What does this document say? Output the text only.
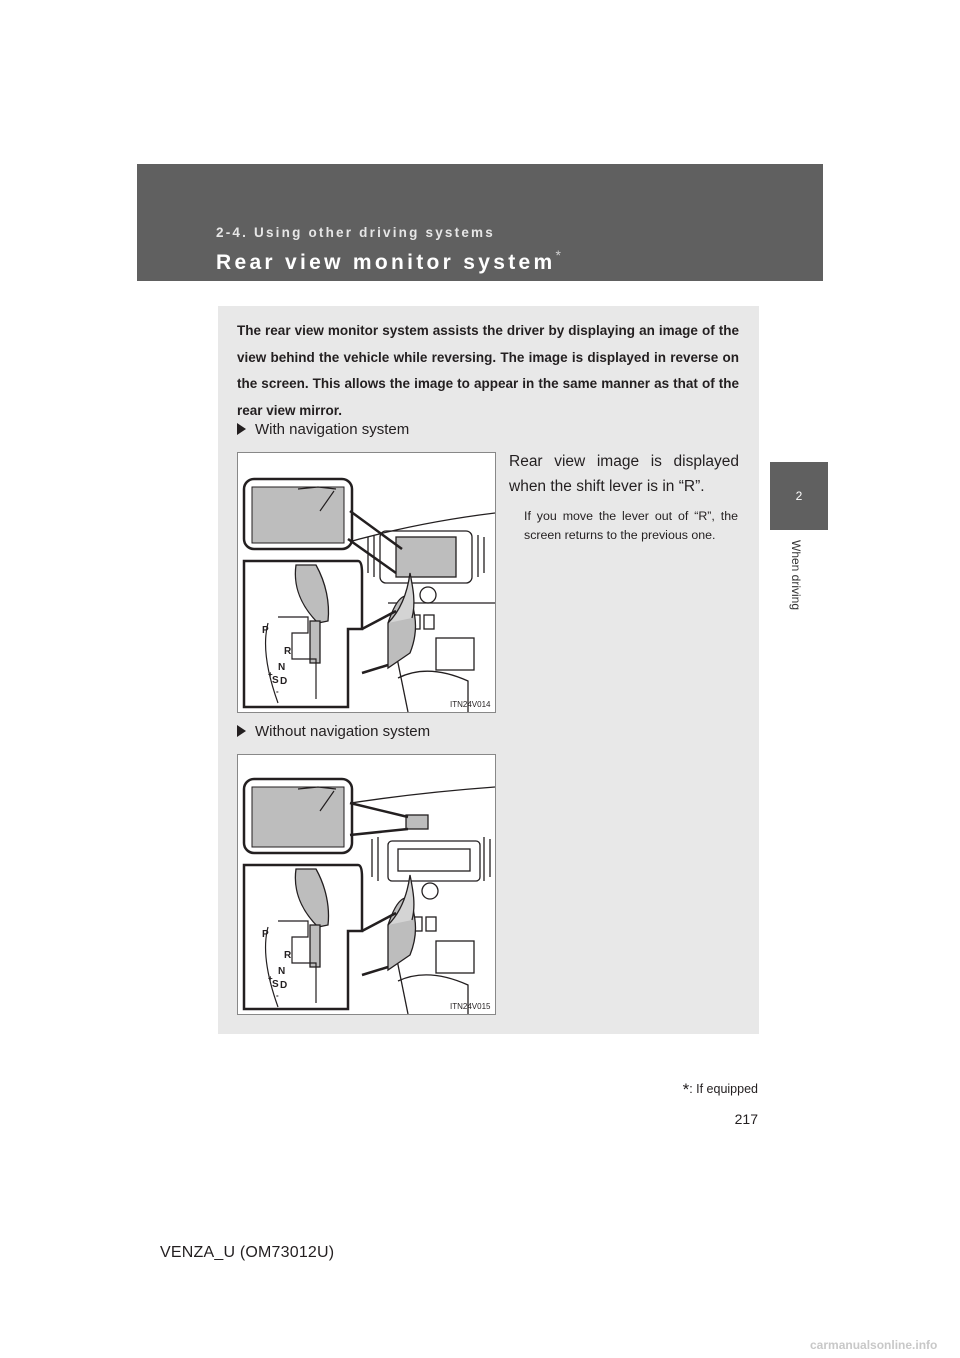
2-4. Using other driving systems

Rear view monitor system*

2
When driving

The rear view monitor system assists the driver by displaying an image of the view behind the vehicle while reversing. The image is displayed in reverse on the screen. This allows the image to appear in the same manner as that of the rear view mirror.

With navigation system

P
R
N
S D
+
-
ITN24V014

Rear view image is displayed when the shift lever is in “R”.

If you move the lever out of “R”, the screen returns to the previous one.

Without navigation system

P
R
N
S D
+
-
ITN24V015

*: If equipped

217

VENZA_U (OM73012U)

carmanualsonline.info
